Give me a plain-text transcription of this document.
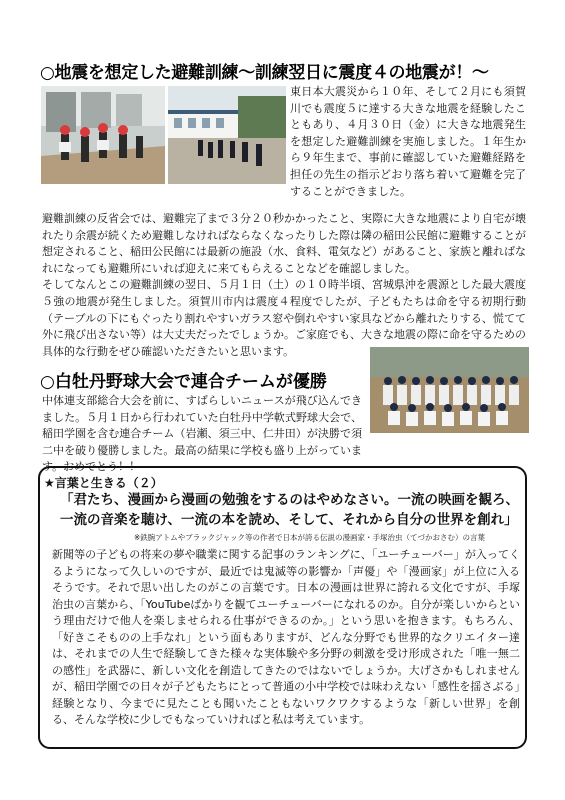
○地震を想定した避難訓練～訓練翌日に震度４の地震が！～

東日本大震災から１０年、そして２月にも須賀川でも震度５に達する大きな地震を経験したこともあり、４月３０日（金）に大きな地震発生を想定した避難訓練を実施しました。１年生から９年生まで、事前に確認していた避難経路を担任の先生の指示どおり落ち着いて避難を完了することができました。

避難訓練の反省会では、避難完了まで３分２０秒かかったこと、実際に大きな地震により自宅が壊れたり余震が続くため避難しなければならなくなったりした際は隣の稲田公民館に避難することが想定されること、稲田公民館には最新の施設（水、食料、電気など）があること、家族と離ればなれになっても避難所にいれば迎えに来てもらえることなどを確認しました。
そしてなんとこの避難訓練の翌日、５月１日（土）の１０時半頃、宮城県沖を震源とした最大震度５強の地震が発生しました。須賀川市内は震度４程度でしたが、子どもたちは命を守る初期行動（テーブルの下にもぐったり割れやすいガラス窓や倒れやすい家具などから離れたりする、慌てて外に飛び出さない等）は大丈夫だったでしょうか。ご家庭でも、大きな地震の際に命を守るための具体的な行動をぜひ確認いただきたいと思います。

○白牡丹野球大会で連合チームが優勝

中体連支部総合大会を前に、すばらしいニュースが飛び込んできました。５月１日から行われていた白牡丹中学軟式野球大会で、稲田学園を含む連合チーム（岩瀬、須三中、仁井田）が決勝で須二中を破り優勝しました。最高の結果に学校も盛り上がっています。おめでとう！！

★言葉と生きる（２）

「君たち、漫画から漫画の勉強をするのはやめなさい。一流の映画を観ろ、一流の音楽を聴け、一流の本を読め、そして、それから自分の世界を創れ」

※鉄腕アトムやブラックジャック等の作者で日本が誇る伝説の漫画家・手塚治虫（てづかおさむ）の言葉

新聞等の子どもの将来の夢や職業に関する記事のランキングに、「ユーチューバー」が入ってくるようになって久しいのですが、最近では鬼滅等の影響か「声優」や「漫画家」が上位に入るそうです。それで思い出したのがこの言葉です。日本の漫画は世界に誇れる文化ですが、手塚治虫の言葉から、「YouTubeばかりを観てユーチューバーになれるのか。自分が楽しいからという理由だけで他人を楽しませられる仕事ができるのか。」という思いを抱きます。もちろん、「好きこそものの上手なれ」という面もありますが、どんな分野でも世界的なクリエイター達は、それまでの人生で経験してきた様々な実体験や多分野の刺激を受け形成された「唯一無二の感性」を武器に、新しい文化を創造してきたのではないでしょうか。大げさかもしれませんが、稲田学園での日々が子どもたちにとって普通の小中学校では味わえない「感性を揺さぶる」経験となり、今までに見たことも聞いたこともないワクワクするような「新しい世界」を創る、そんな学校に少しでもなっていければと私は考えています。
